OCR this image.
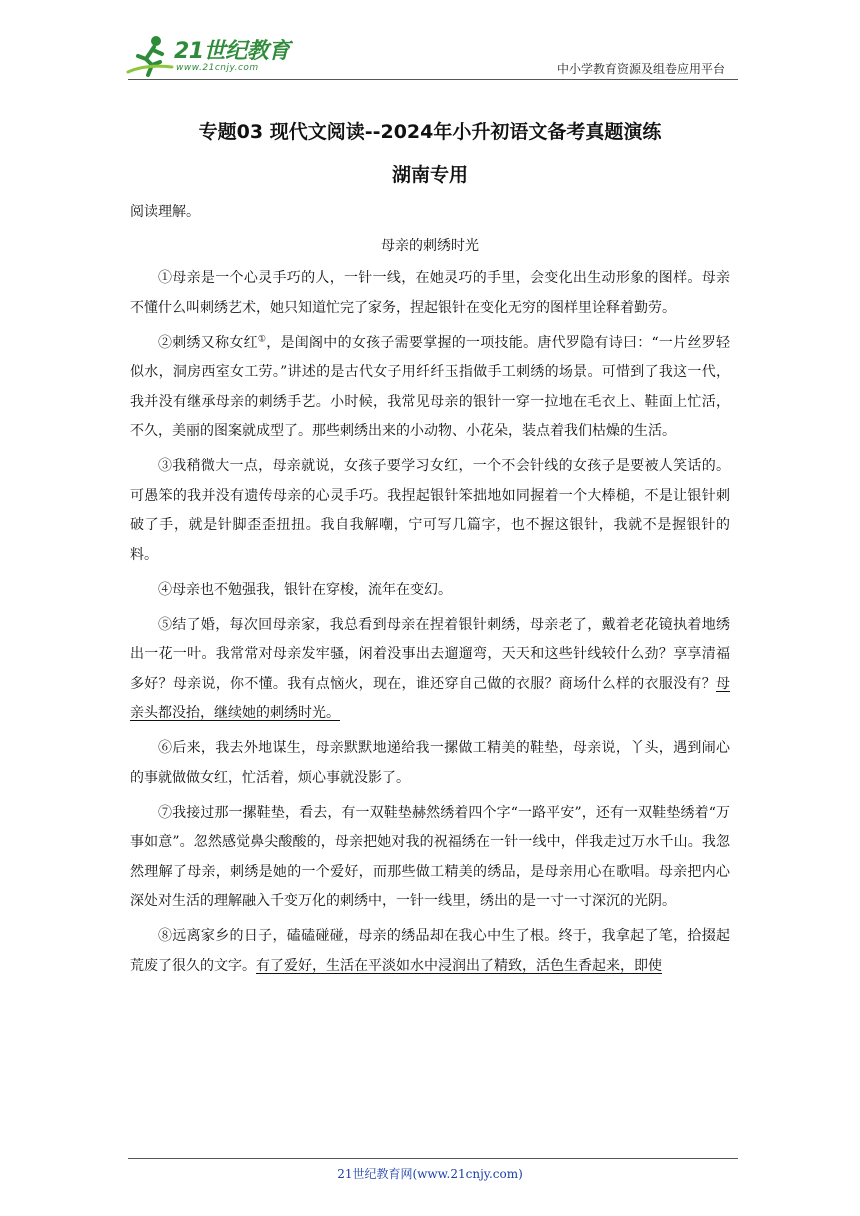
21世纪教育
www.21cnjy.com	中小学教育资源及组卷应用平台
专题03 现代文阅读--2024年小升初语文备考真题演练
湖南专用
阅读理解。
母亲的刺绣时光

①母亲是一个心灵手巧的人，一针一线，在她灵巧的手里，会变化出生动形象的图样。母亲不懂什么叫刺绣艺术，她只知道忙完了家务，捏起银针在变化无穷的图样里诠释着勤劳。

②刺绣又称女红①，是闺阁中的女孩子需要掌握的一项技能。唐代罗隐有诗曰：“一片丝罗轻似水，洞房西室女工劳。”讲述的是古代女子用纤纤玉指做手工刺绣的场景。可惜到了我这一代，我并没有继承母亲的刺绣手艺。小时候，我常见母亲的银针一穿一拉地在毛衣上、鞋面上忙活，不久，美丽的图案就成型了。那些刺绣出来的小动物、小花朵，装点着我们枯燥的生活。

③我稍微大一点，母亲就说，女孩子要学习女红，一个不会针线的女孩子是要被人笑话的。可愚笨的我并没有遗传母亲的心灵手巧。我捏起银针笨拙地如同握着一个大棒槌，不是让银针刺破了手，就是针脚歪歪扭扭。我自我解嘲，宁可写几篇字，也不握这银针，我就不是握银针的料。

④母亲也不勉强我，银针在穿梭，流年在变幻。

⑤结了婚，每次回母亲家，我总看到母亲在捏着银针刺绣，母亲老了，戴着老花镜执着地绣出一花一叶。我常常对母亲发牢骚，闲着没事出去遛遛弯，天天和这些针线较什么劲？享享清福多好？母亲说，你不懂。我有点恼火，现在，谁还穿自己做的衣服？商场什么样的衣服没有？母亲头都没抬，继续她的刺绣时光。

⑥后来，我去外地谋生，母亲默默地递给我一摞做工精美的鞋垫，母亲说，丫头，遇到闹心的事就做做女红，忙活着，烦心事就没影了。

⑦我接过那一摞鞋垫，看去，有一双鞋垫赫然绣着四个字“一路平安”，还有一双鞋垫绣着“万事如意”。忽然感觉鼻尖酸酸的，母亲把她对我的祝福绣在一针一线中，伴我走过万水千山。我忽然理解了母亲，刺绣是她的一个爱好，而那些做工精美的绣品，是母亲用心在歌唱。母亲把内心深处对生活的理解融入千变万化的刺绣中，一针一线里，绣出的是一寸一寸深沉的光阴。

⑧远离家乡的日子，磕磕碰碰，母亲的绣品却在我心中生了根。终于，我拿起了笔，拾掇起荒废了很久的文字。有了爱好，生活在平淡如水中浸润出了精致，活色生香起来，即使

21世纪教育网(www.21cnjy.com)
